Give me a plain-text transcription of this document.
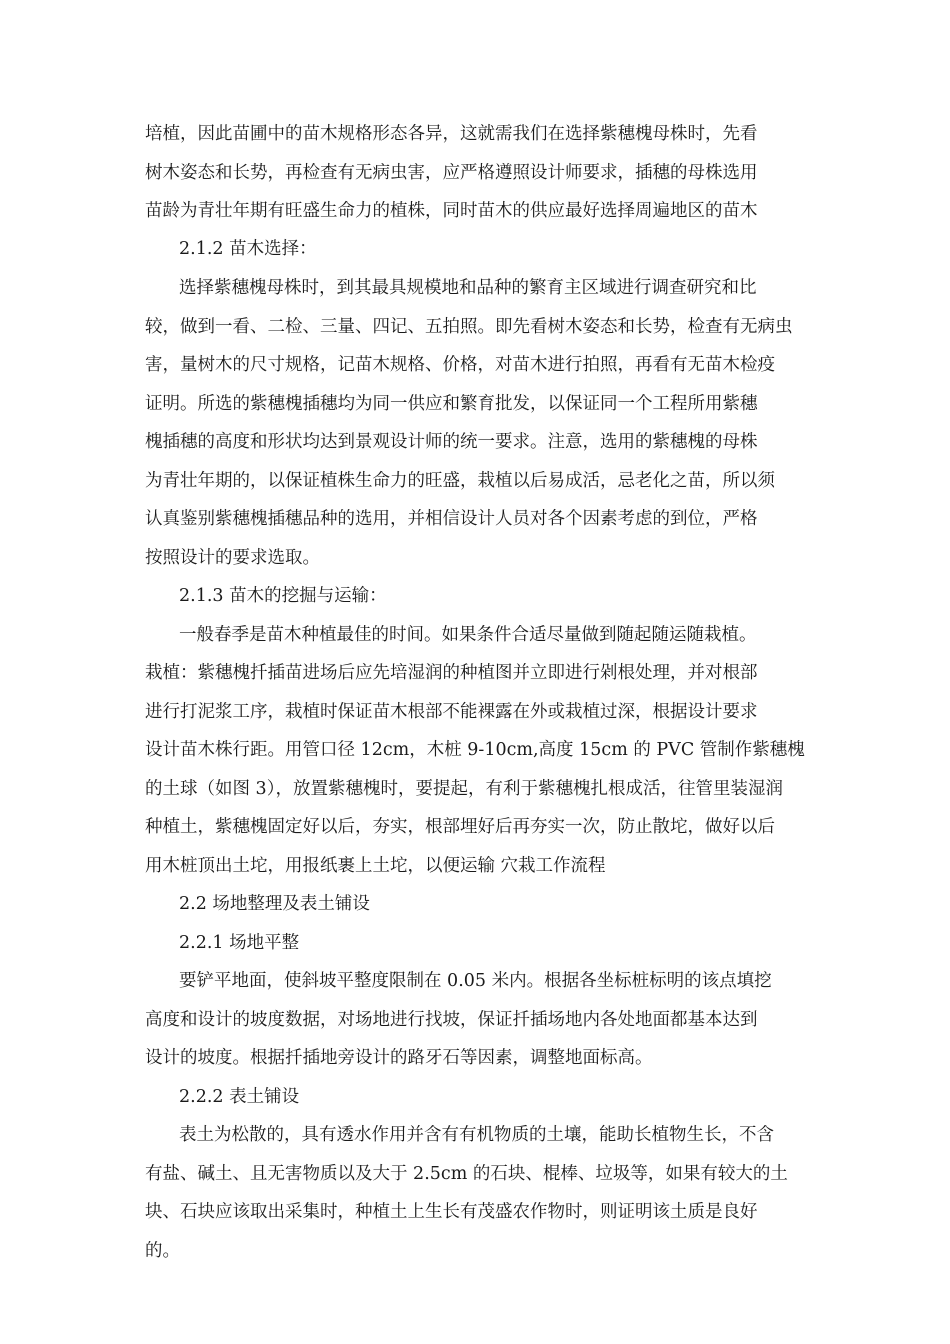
培植，因此苗圃中的苗木规格形态各异，这就需我们在选择紫穗槐母株时，先看
树木姿态和长势，再检查有无病虫害，应严格遵照设计师要求，插穗的母株选用
苗龄为青壮年期有旺盛生命力的植株，同时苗木的供应最好选择周遍地区的苗木
2.1.2 苗木选择：
选择紫穗槐母株时，到其最具规模地和品种的繁育主区域进行调查研究和比
较，做到一看、二检、三量、四记、五拍照。即先看树木姿态和长势，检查有无病虫
害，量树木的尺寸规格，记苗木规格、价格，对苗木进行拍照，再看有无苗木检疫
证明。所选的紫穗槐插穗均为同一供应和繁育批发，以保证同一个工程所用紫穗
槐插穗的高度和形状均达到景观设计师的统一要求。注意，选用的紫穗槐的母株
为青壮年期的，以保证植株生命力的旺盛，栽植以后易成活，忌老化之苗，所以须
认真鉴别紫穗槐插穗品种的选用，并相信设计人员对各个因素考虑的到位，严格
按照设计的要求选取。
2.1.3 苗木的挖掘与运输：
一般春季是苗木种植最佳的时间。如果条件合适尽量做到随起随运随栽植。
栽植：紫穗槐扦插苗进场后应先培湿润的种植图并立即进行剁根处理，并对根部
进行打泥浆工序，栽植时保证苗木根部不能裸露在外或栽植过深，根据设计要求
设计苗木株行距。用管口径 12cm，木桩 9-10cm,高度 15cm 的 PVC 管制作紫穗槐
的土球（如图 3），放置紫穗槐时，要提起，有利于紫穗槐扎根成活，往管里装湿润
种植土，紫穗槐固定好以后，夯实，根部埋好后再夯实一次，防止散坨，做好以后
用木桩顶出土坨，用报纸裹上土坨，以便运输 穴栽工作流程
2.2 场地整理及表土铺设
2.2.1 场地平整
要铲平地面，使斜坡平整度限制在 0.05 米内。根据各坐标桩标明的该点填挖
高度和设计的坡度数据，对场地进行找坡，保证扦插场地内各处地面都基本达到
设计的坡度。根据扦插地旁设计的路牙石等因素，调整地面标高。
2.2.2 表土铺设
表土为松散的，具有透水作用并含有有机物质的土壤，能助长植物生长，不含
有盐、碱土、且无害物质以及大于 2.5cm 的石块、棍棒、垃圾等，如果有较大的土
块、石块应该取出采集时，种植土上生长有茂盛农作物时，则证明该土质是良好
的。
